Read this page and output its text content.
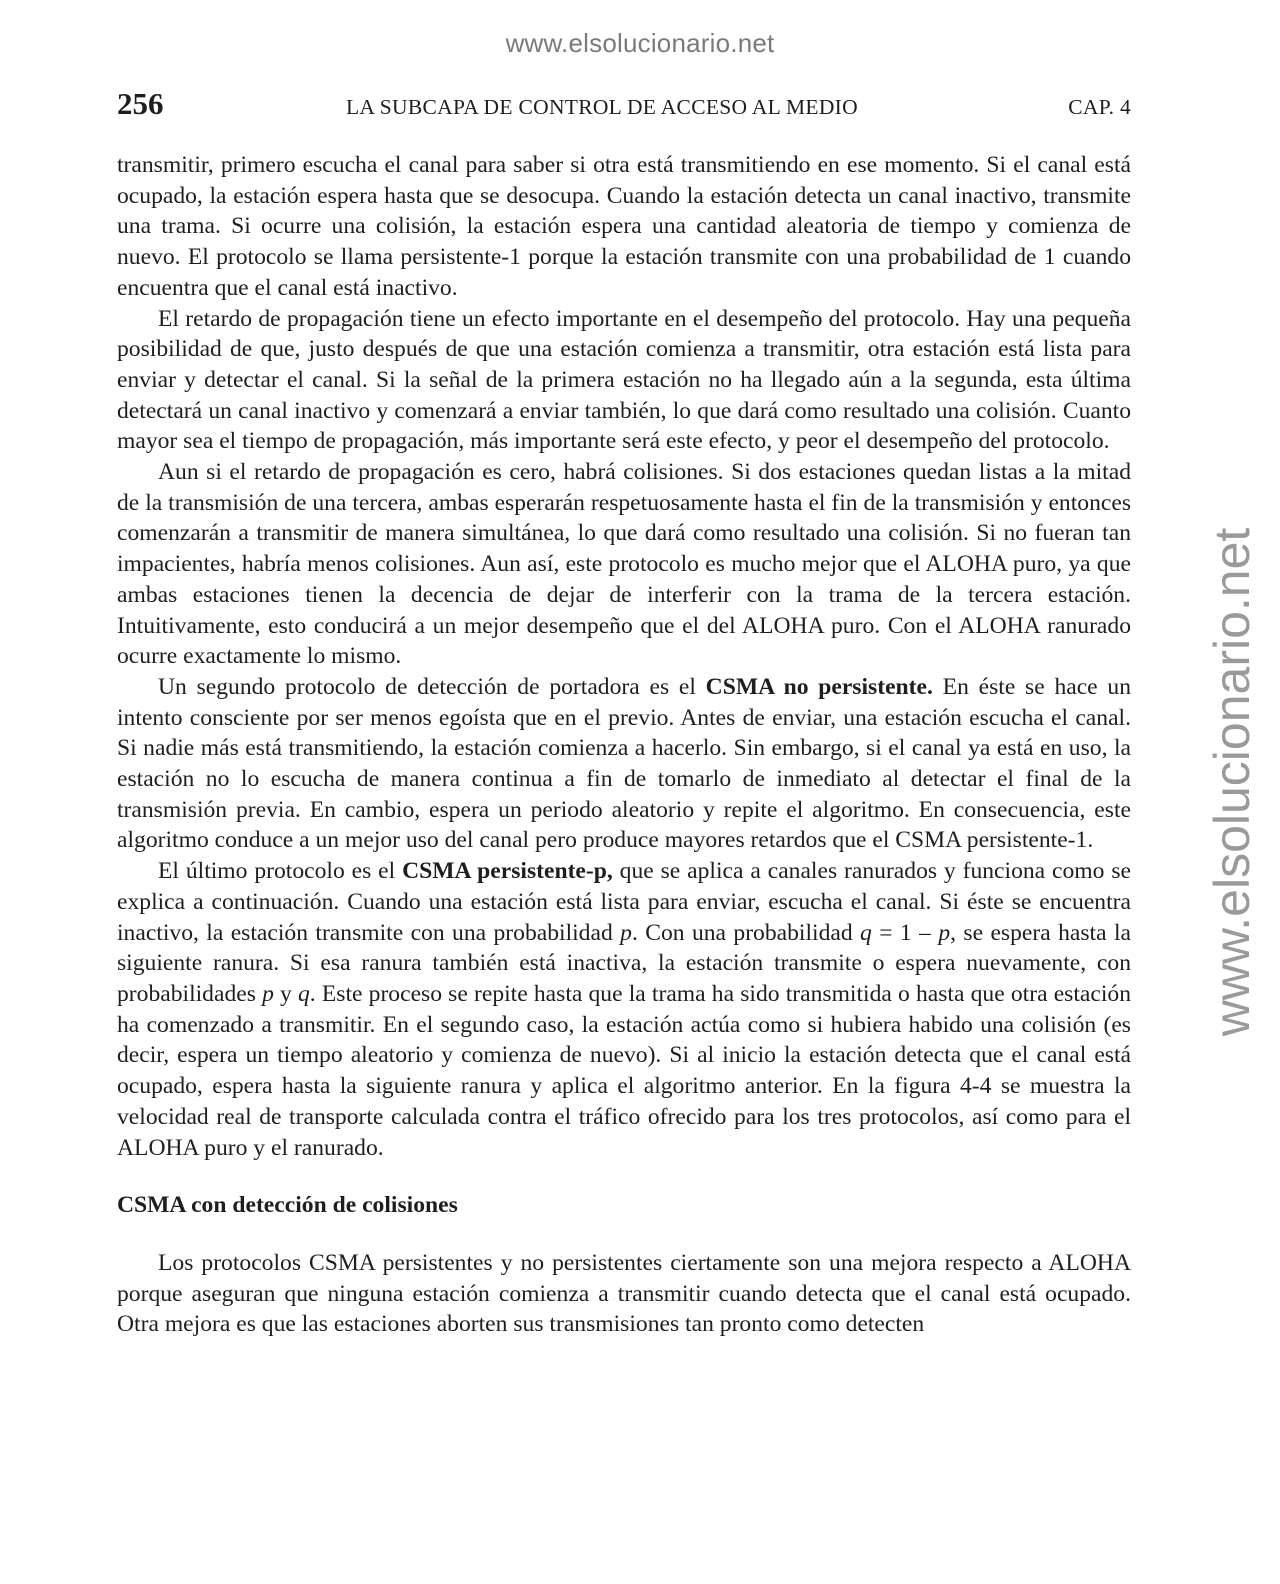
www.elsolucionario.net
www.elsolucionario.net
256	LA SUBCAPA DE CONTROL DE ACCESO AL MEDIO	CAP. 4

transmitir, primero escucha el canal para saber si otra está transmitiendo en ese momento. Si el canal está ocupado, la estación espera hasta que se desocupa. Cuando la estación detecta un canal inactivo, transmite una trama. Si ocurre una colisión, la estación espera una cantidad aleatoria de tiempo y comienza de nuevo. El protocolo se llama persistente-1 porque la estación transmite con una probabilidad de 1 cuando encuentra que el canal está inactivo.

El retardo de propagación tiene un efecto importante en el desempeño del protocolo. Hay una pequeña posibilidad de que, justo después de que una estación comienza a transmitir, otra estación está lista para enviar y detectar el canal. Si la señal de la primera estación no ha llegado aún a la segunda, esta última detectará un canal inactivo y comenzará a enviar también, lo que dará como resultado una colisión. Cuanto mayor sea el tiempo de propagación, más importante será este efecto, y peor el desempeño del protocolo.

Aun si el retardo de propagación es cero, habrá colisiones. Si dos estaciones quedan listas a la mitad de la transmisión de una tercera, ambas esperarán respetuosamente hasta el fin de la transmisión y entonces comenzarán a transmitir de manera simultánea, lo que dará como resultado una colisión. Si no fueran tan impacientes, habría menos colisiones. Aun así, este protocolo es mucho mejor que el ALOHA puro, ya que ambas estaciones tienen la decencia de dejar de interferir con la trama de la tercera estación. Intuitivamente, esto conducirá a un mejor desempeño que el del ALOHA puro. Con el ALOHA ranurado ocurre exactamente lo mismo.

Un segundo protocolo de detección de portadora es el CSMA no persistente. En éste se hace un intento consciente por ser menos egoísta que en el previo. Antes de enviar, una estación escucha el canal. Si nadie más está transmitiendo, la estación comienza a hacerlo. Sin embargo, si el canal ya está en uso, la estación no lo escucha de manera continua a fin de tomarlo de inmediato al detectar el final de la transmisión previa. En cambio, espera un periodo aleatorio y repite el algoritmo. En consecuencia, este algoritmo conduce a un mejor uso del canal pero produce mayores retardos que el CSMA persistente-1.

El último protocolo es el CSMA persistente-p, que se aplica a canales ranurados y funciona como se explica a continuación. Cuando una estación está lista para enviar, escucha el canal. Si éste se encuentra inactivo, la estación transmite con una probabilidad p. Con una probabilidad q = 1 – p, se espera hasta la siguiente ranura. Si esa ranura también está inactiva, la estación transmite o espera nuevamente, con probabilidades p y q. Este proceso se repite hasta que la trama ha sido transmitida o hasta que otra estación ha comenzado a transmitir. En el segundo caso, la estación actúa como si hubiera habido una colisión (es decir, espera un tiempo aleatorio y comienza de nuevo). Si al inicio la estación detecta que el canal está ocupado, espera hasta la siguiente ranura y aplica el algoritmo anterior. En la figura 4-4 se muestra la velocidad real de transporte calculada contra el tráfico ofrecido para los tres protocolos, así como para el ALOHA puro y el ranurado.

CSMA con detección de colisiones

Los protocolos CSMA persistentes y no persistentes ciertamente son una mejora respecto a ALOHA porque aseguran que ninguna estación comienza a transmitir cuando detecta que el canal está ocupado. Otra mejora es que las estaciones aborten sus transmisiones tan pronto como detecten
